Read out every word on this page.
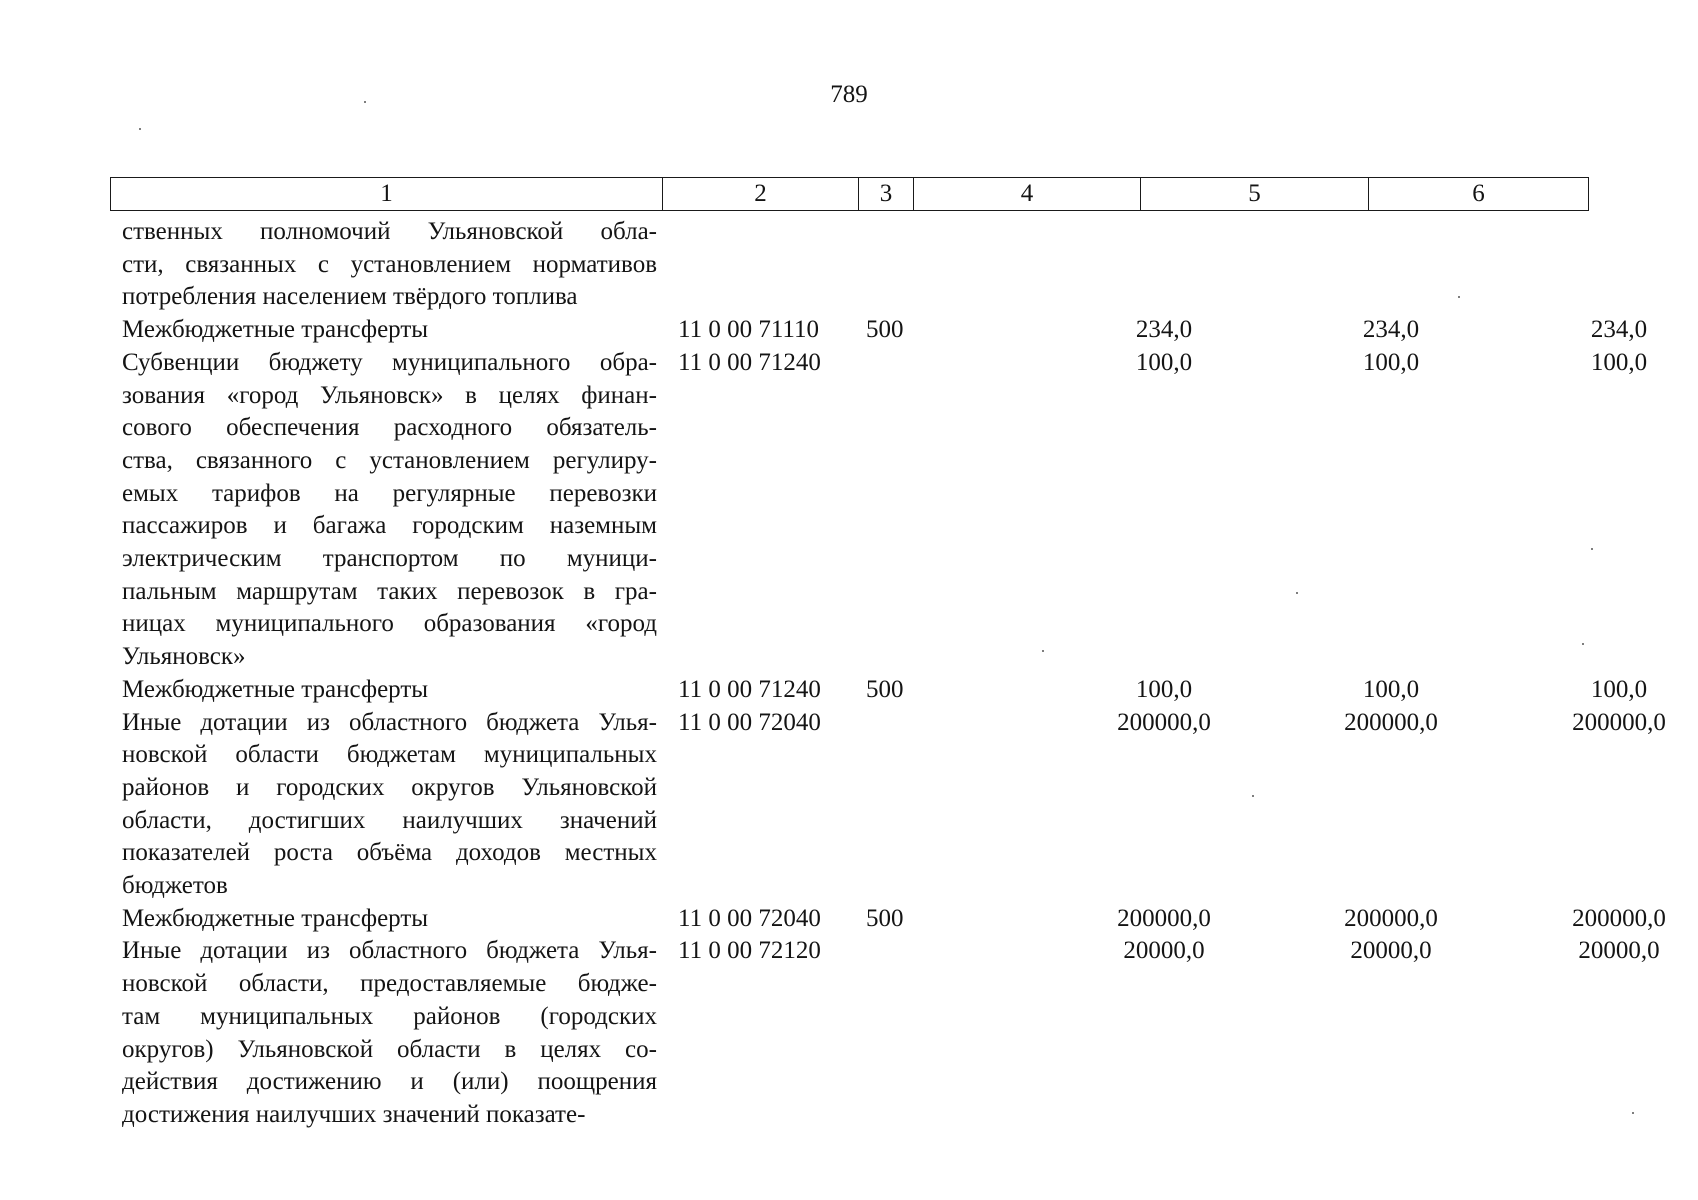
789
1	2	3	4	5	6
ственных полномочий Ульяновской обла-
сти, связанных с установлением нормативов
потребления населением твёрдого топлива
Межбюджетные трансферты	11 0 00 71110 500	234,0	234,0	234,0
Субвенции бюджету муниципального обра-
зования «город Ульяновск» в целях финан-
сового обеспечения расходного обязатель-
ства, связанного с установлением регулиру-
емых тарифов на регулярные перевозки
пассажиров и багажа городским наземным
электрическим транспортом по муници-
пальным маршрутам таких перевозок в гра-
ницах муниципального образования «город
Ульяновск»
11 0 00 71240	100,0	100,0	100,0
Межбюджетные трансферты	11 0 00 71240 500	100,0	100,0	100,0
Иные дотации из областного бюджета Улья-
новской области бюджетам муниципальных
районов и городских округов Ульяновской
области, достигших наилучших значений
показателей роста объёма доходов местных
бюджетов
11 0 00 72040	200000,0	200000,0	200000,0
Межбюджетные трансферты	11 0 00 72040 500	200000,0	200000,0	200000,0
Иные дотации из областного бюджета Улья-
новской области, предоставляемые бюдже-
там муниципальных районов (городских
округов) Ульяновской области в целях со-
действия достижению и (или) поощрения
достижения наилучших значений показате-
11 0 00 72120	20000,0	20000,0	20000,0
